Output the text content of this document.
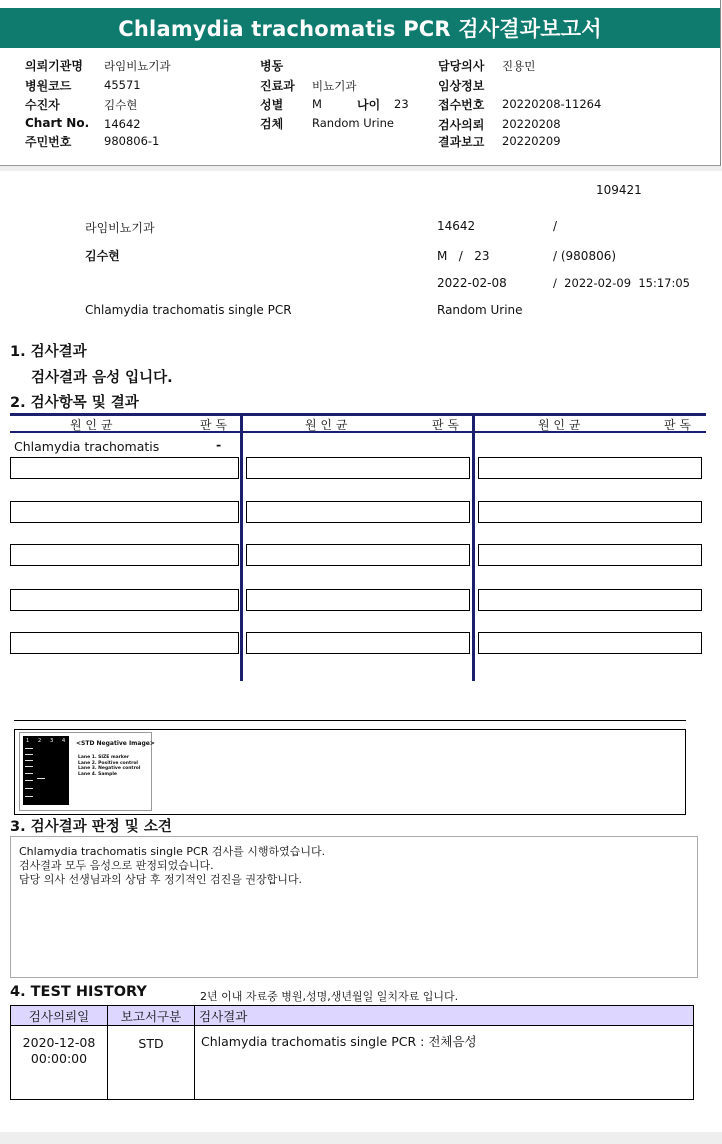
Chlamydia trachomatis PCR 검사결과보고서
의뢰기관명 라임비뇨기과
병원코드	45571
수진자	김수현
Chart No. 14642
주민번호	980806-1
병동
진료과 비뇨기과
성별	M	나이 23
검체	Random Urine
담당의사 진용민
임상정보
접수번호 20220208-11264
검사의뢰 20220208
결과보고 20220209
109421
라임비뇨기과	14642	/
김수현	M   /   23	/ (980806)
2022-02-08	/  2022-02-09  15:17:05
Chlamydia trachomatis single PCR	Random Urine
1. 검사결과
검사결과 음성 입니다.
2. 검사항목 및 결과
원 인 균	판 독	원 인 균	판 독	원 인 균	판 독
Chlamydia trachomatis	-
1 2 3 4 <STD Negative Image>
Lane 1. SIZE marker
Lane 2. Positive control
Lane 3. Negative control
Lane 4. Sample
3. 검사결과 판정 및 소견

Chlamydia trachomatis single PCR 검사를 시행하였습니다.

검사결과 모두 음성으로 판정되었습니다.

담당 의사 선생님과의 상담 후 정기적인 검진을 권장합니다.

4. TEST HISTORY	2년 이내 자료중 병원,성명,생년월일 일치자료 입니다.
검사의뢰일	보고서구분	검사결과

2020-12-08
00:00:00	STD	Chlamydia trachomatis single PCR : 전체음성
